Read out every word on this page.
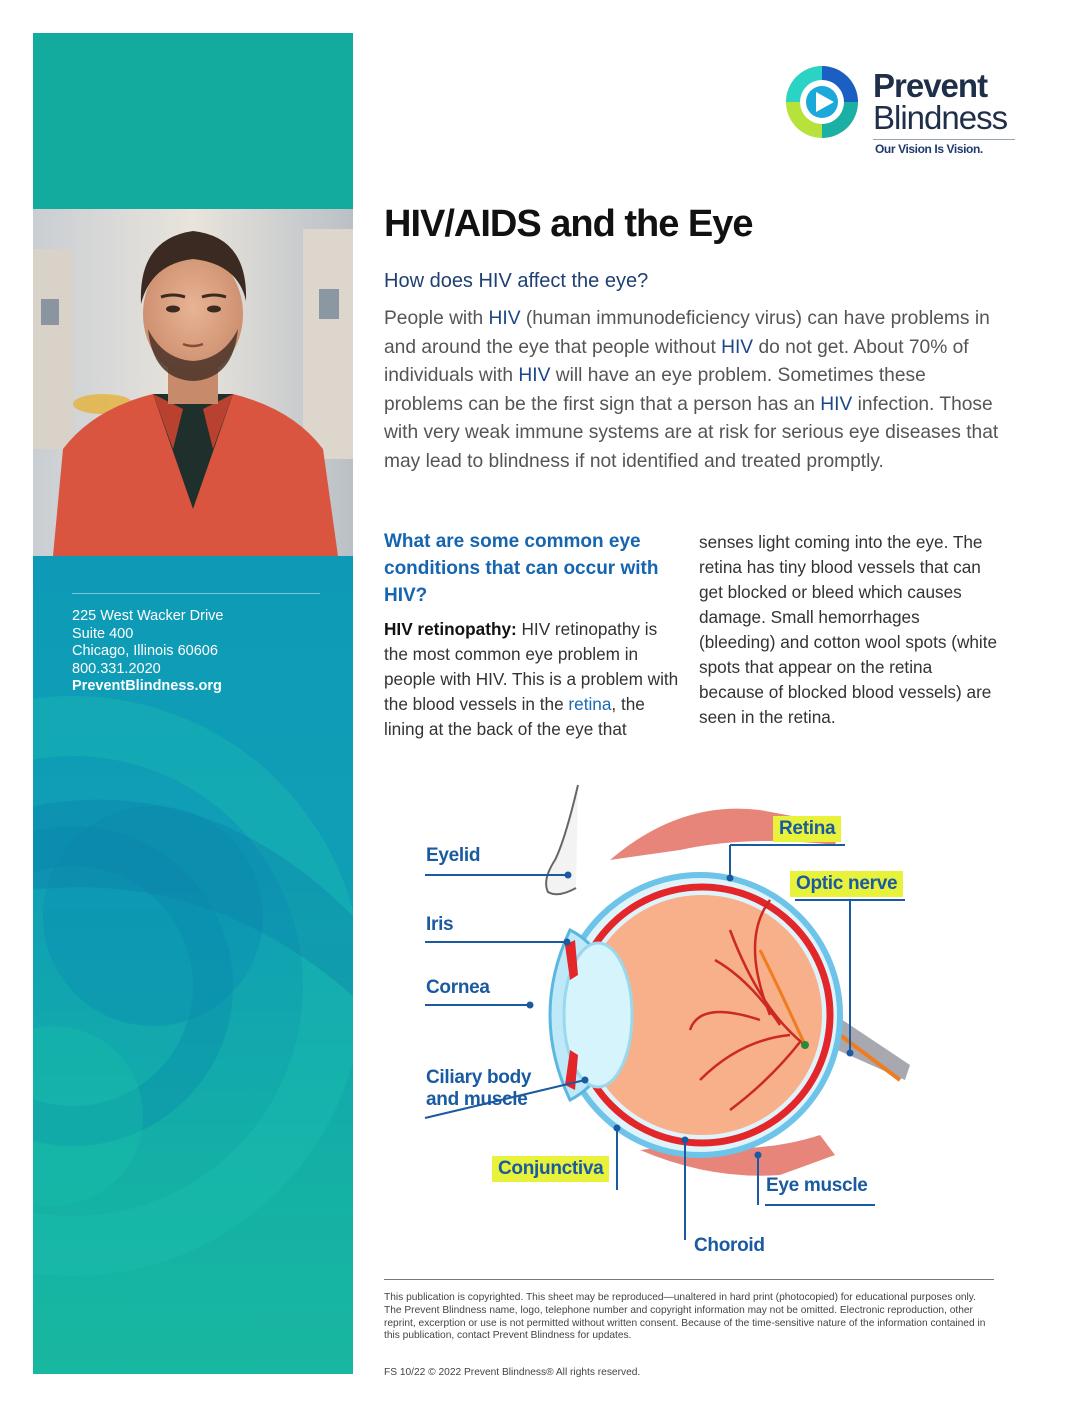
225 West Wacker Drive
Suite 400
Chicago, Illinois 60606
800.331.2020
PreventBlindness.org
Prevent
Blindness
Our Vision Is Vision.
HIV/AIDS and the Eye
How does HIV affect the eye?
People with HIV (human immunodeficiency virus) can have problems in and around the eye that people without HIV do not get. About 70% of individuals with HIV will have an eye problem. Sometimes these problems can be the first sign that a person has an HIV infection. Those with very weak immune systems are at risk for serious eye diseases that may lead to blindness if not identified and treated promptly.
What are some common eye conditions that can occur with HIV?
HIV retinopathy: HIV retinopathy is the most common eye problem in people with HIV. This is a problem with the blood vessels in the retina, the lining at the back of the eye that
senses light coming into the eye. The retina has tiny blood vessels that can get blocked or bleed which causes damage. Small hemorrhages (bleeding) and cotton wool spots (white spots that appear on the retina because of blocked blood vessels) are seen in the retina.
Eyelid
Iris
Cornea
Ciliary body
and muscle
Conjunctiva
Retina
Optic nerve
Eye muscle
Choroid
This publication is copyrighted. This sheet may be reproduced—unaltered in hard print (photocopied) for educational purposes only. The Prevent Blindness name, logo, telephone number and copyright information may not be omitted. Electronic reproduction, other reprint, excerption or use is not permitted without written consent. Because of the time-sensitive nature of the information contained in this publication, contact Prevent Blindness for updates.
FS 10/22 © 2022 Prevent Blindness® All rights reserved.
